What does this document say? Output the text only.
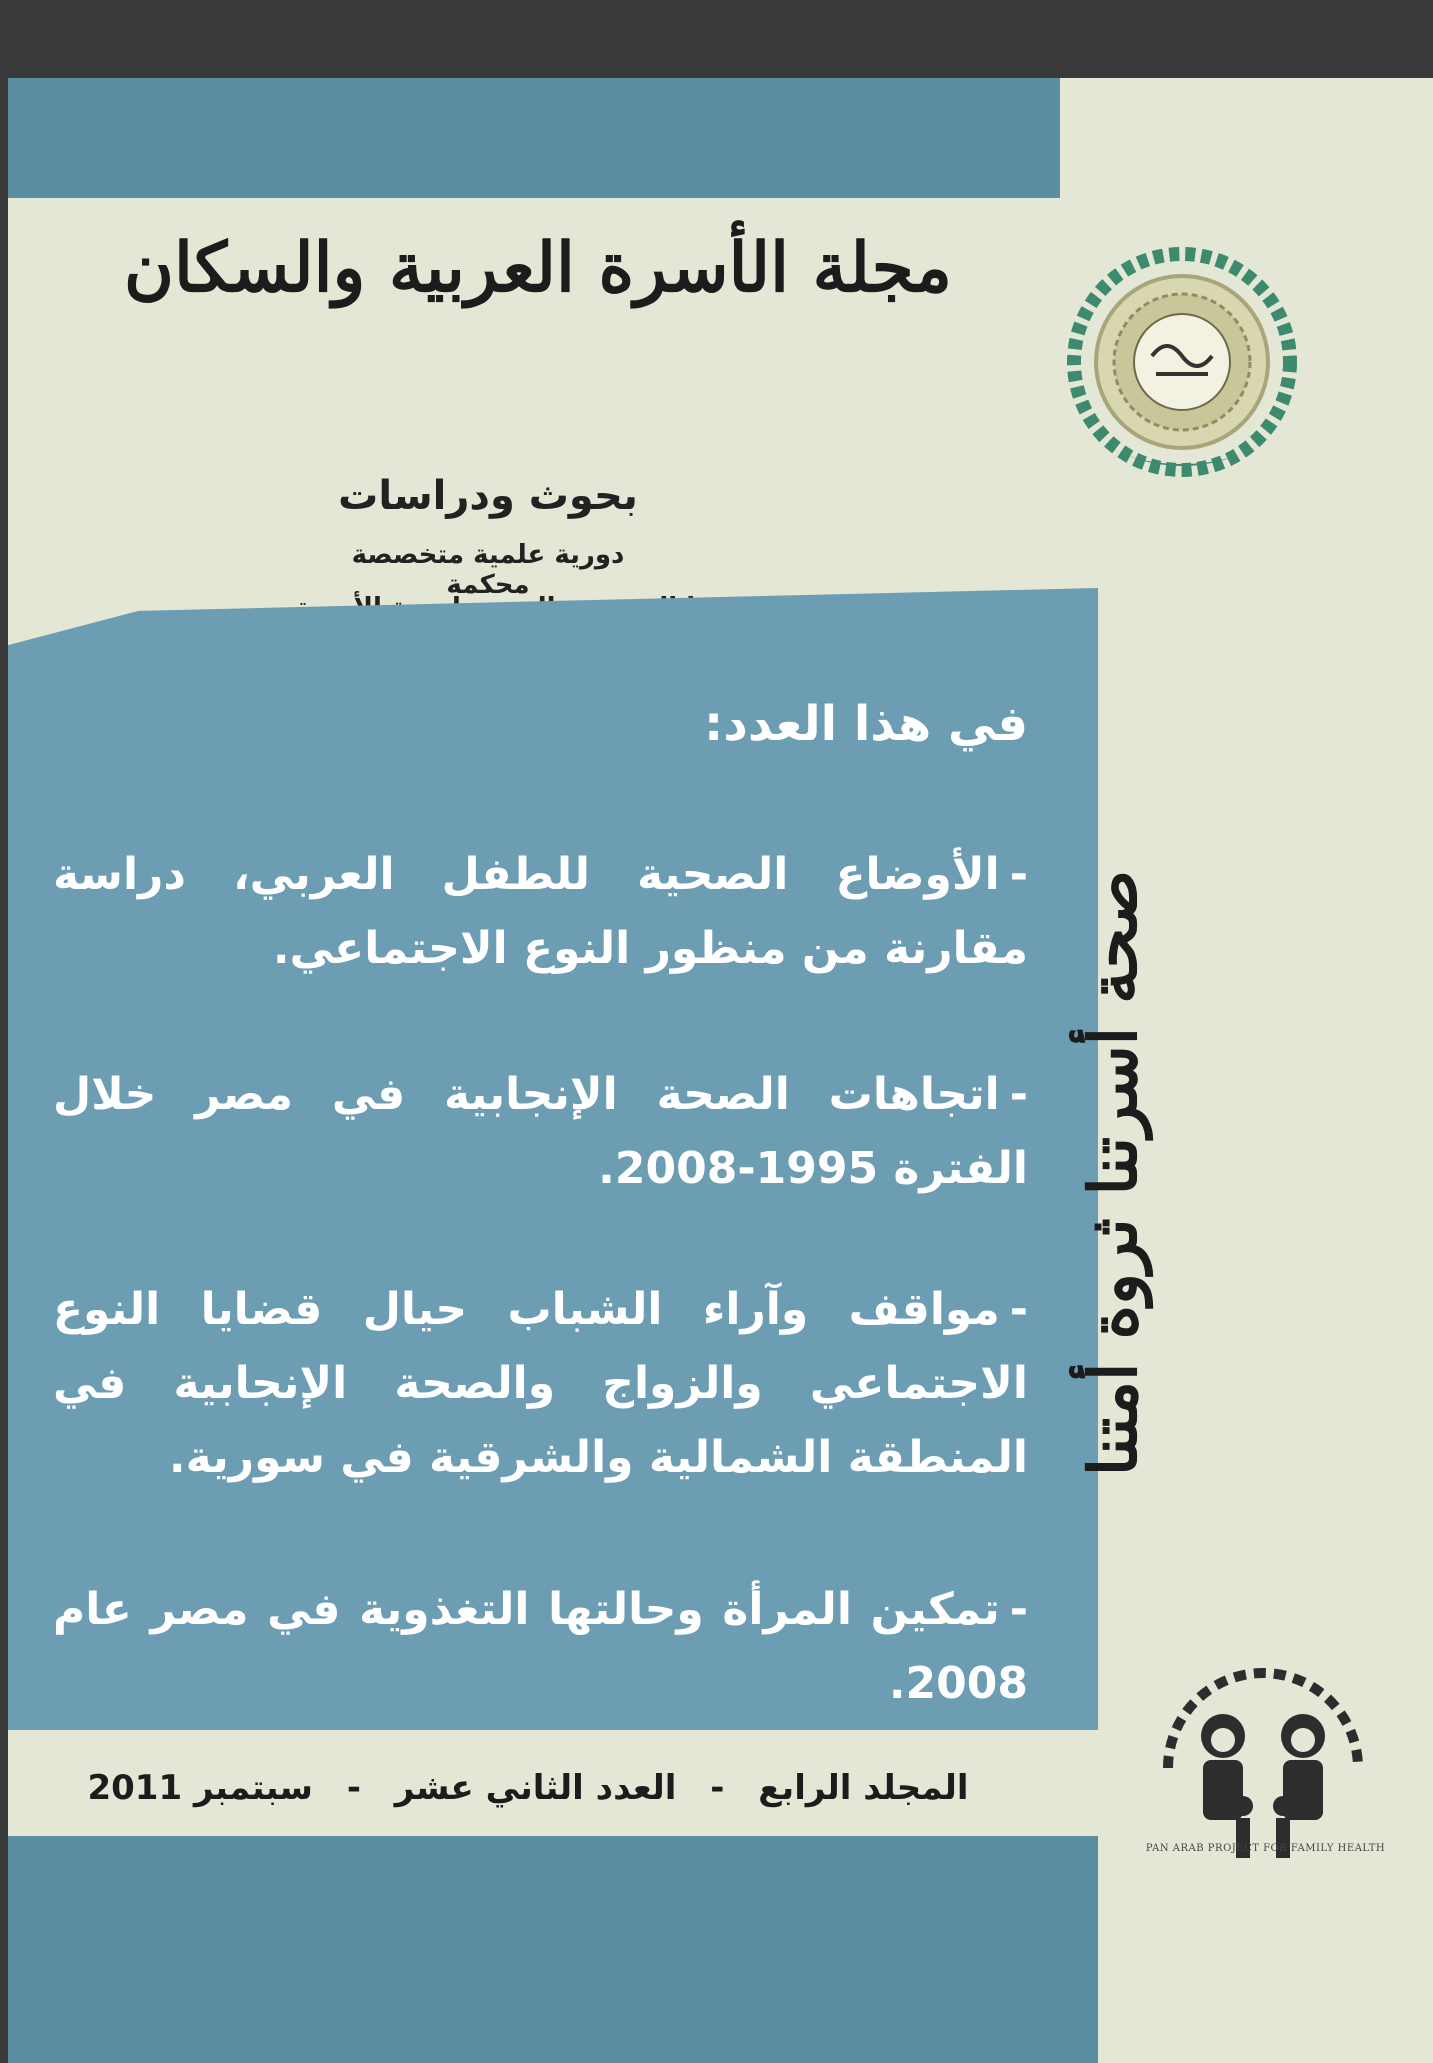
مجلة الأسرة العربية والسكان
بحوث ودراسات
دورية علمية متخصصة محكمة
في هذا العدد:
-الأوضاع الصحية للطفل العربي، دراسة مقارنة من منظور النوع الاجتماعي.
-اتجاهات الصحة الإنجابية في مصر خلال الفترة 1995-2008.
-مواقف وآراء الشباب حيال قضايا النوع الاجتماعي والزواج والصحة الإنجابية في المنطقة الشمالية والشرقية في سورية.
-تمكين المرأة وحالتها التغذوية في مصر عام 2008.
صحة أسرتنا ثروة أمتنا
المجلد الرابع - العدد الثاني عشر - سبتمبر 2011
PAN ARAB PROJECT FOR FAMILY HEALTH
